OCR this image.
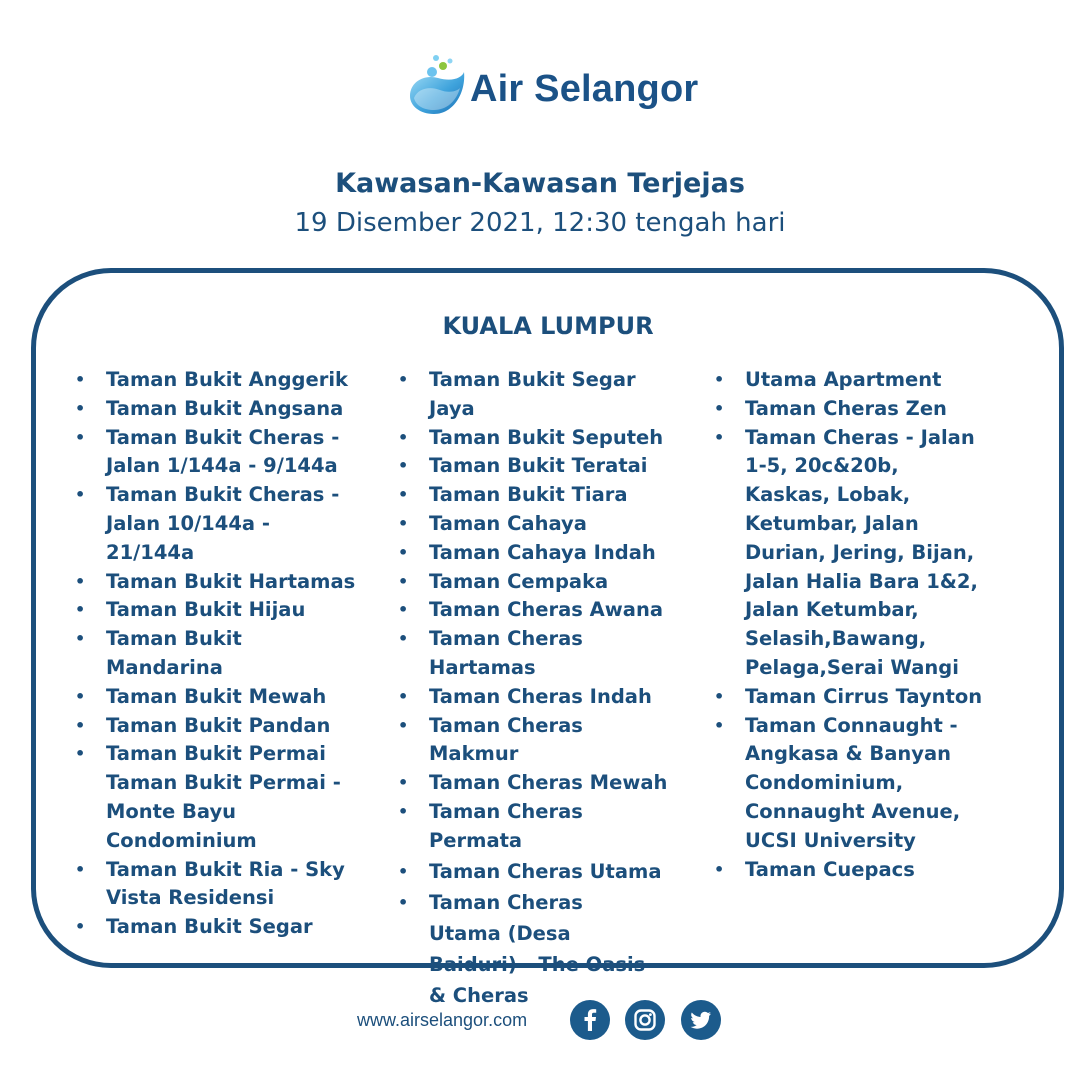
Air Selangor
Kawasan-Kawasan Terjejas
19 Disember 2021, 12:30 tengah hari
KUALA LUMPUR
• Taman Bukit Anggerik
• Taman Bukit Angsana
• Taman Bukit Cheras - Jalan 1/144a - 9/144a
• Taman Bukit Cheras - Jalan 10/144a - 21/144a
• Taman Bukit Hartamas
• Taman Bukit Hijau
• Taman Bukit Mandarina
• Taman Bukit Mewah
• Taman Bukit Pandan
• Taman Bukit Permai      Taman Bukit Permai - Monte Bayu Condominium
• Taman Bukit Ria - Sky Vista Residensi
• Taman Bukit Segar
• Taman Bukit Segar Jaya
• Taman Bukit Seputeh
• Taman Bukit Teratai
• Taman Bukit Tiara
• Taman Cahaya
• Taman Cahaya Indah
• Taman Cempaka
• Taman Cheras Awana
• Taman Cheras Hartamas
• Taman Cheras Indah
• Taman Cheras Makmur
• Taman Cheras Mewah
• Taman Cheras Permata
• Taman Cheras Utama
• Taman Cheras Utama (Desa Baiduri) - The Oasis & Cheras
• Utama Apartment
• Taman Cheras Zen
• Taman Cheras - Jalan 1-5, 20c&20b, Kaskas, Lobak, Ketumbar, Jalan Durian, Jering, Bijan, Jalan Halia Bara 1&2, Jalan Ketumbar, Selasih,Bawang, Pelaga,Serai Wangi
• Taman Cirrus Taynton
• Taman Connaught - Angkasa & Banyan Condominium, Connaught Avenue, UCSI University
• Taman Cuepacs
www.airselangor.com
